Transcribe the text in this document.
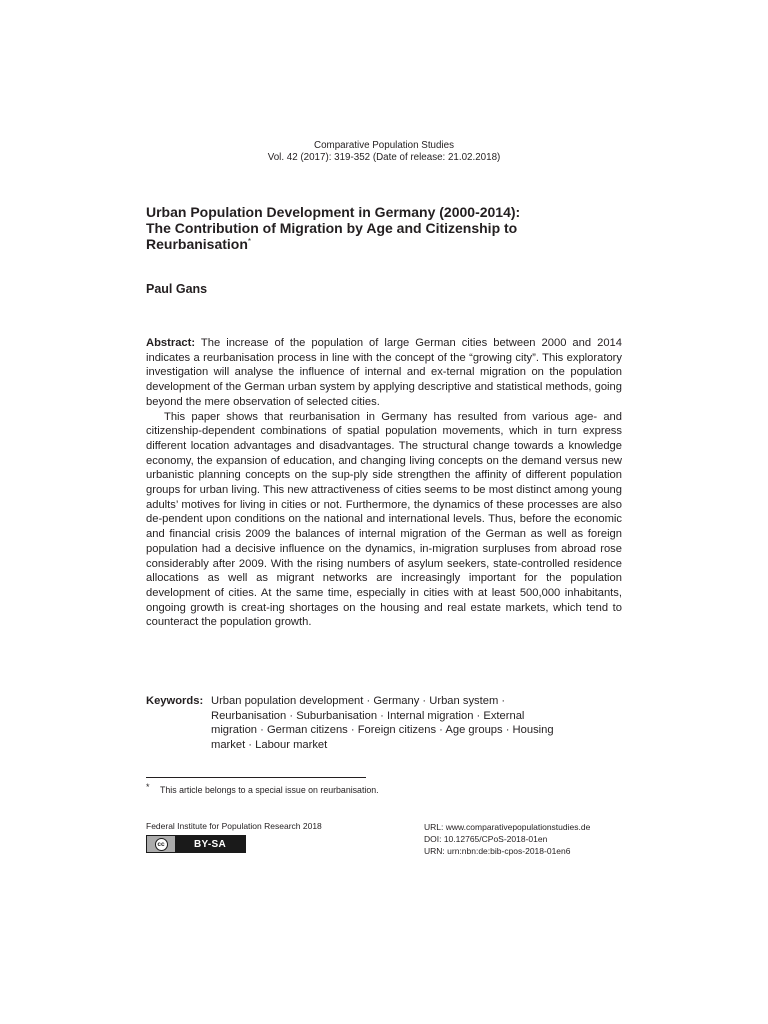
Comparative Population Studies
Vol. 42 (2017): 319-352 (Date of release: 21.02.2018)
Urban Population Development in Germany (2000-2014):
The Contribution of Migration by Age and Citizenship to
Reurbanisation*
Paul Gans

Abstract: The increase of the population of large German cities between 2000 and 2014 indicates a reurbanisation process in line with the concept of the “growing city”. This exploratory investigation will analyse the influence of internal and ex-ternal migration on the population development of the German urban system by applying descriptive and statistical methods, going beyond the mere observation of selected cities.

This paper shows that reurbanisation in Germany has resulted from various age- and citizenship-dependent combinations of spatial population movements, which in turn express different location advantages and disadvantages. The structural change towards a knowledge economy, the expansion of education, and changing living concepts on the demand versus new urbanistic planning concepts on the sup-ply side strengthen the affinity of different population groups for urban living. This new attractiveness of cities seems to be most distinct among young adults’ motives for living in cities or not. Furthermore, the dynamics of these processes are also de-pendent upon conditions on the national and international levels. Thus, before the economic and financial crisis 2009 the balances of internal migration of the German as well as foreign population had a decisive influence on the dynamics, in-migration surpluses from abroad rose considerably after 2009. With the rising numbers of asylum seekers, state-controlled residence allocations as well as migrant networks are increasingly important for the population development of cities. At the same time, especially in cities with at least 500,000 inhabitants, ongoing growth is creat-ing shortages on the housing and real estate markets, which tend to counteract the population growth.

Keywords: Urban population development · Germany · Urban system ·
Reurbanisation · Suburbanisation · Internal migration · External
migration · German citizens · Foreign citizens · Age groups · Housing
market · Labour market
* This article belongs to a special issue on reurbanisation.
Federal Institute for Population Research 2018
cc	BY-SA
URL: www.comparativepopulationstudies.de
DOI: 10.12765/CPoS-2018-01en
URN: urn:nbn:de:bib-cpos-2018-01en6
